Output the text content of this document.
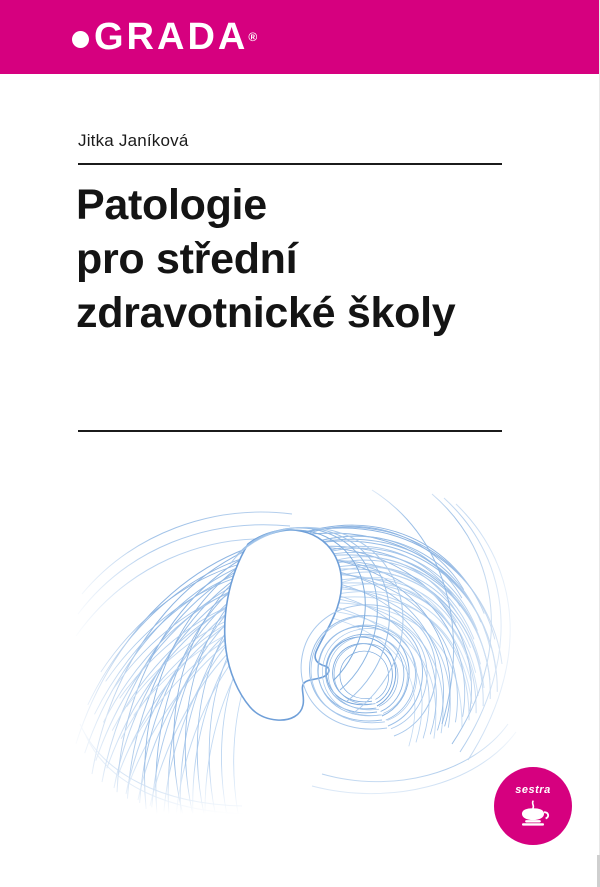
GRADA ®
Jitka Janíková
Patologie
pro střední
zdravotnické školy
sestra
